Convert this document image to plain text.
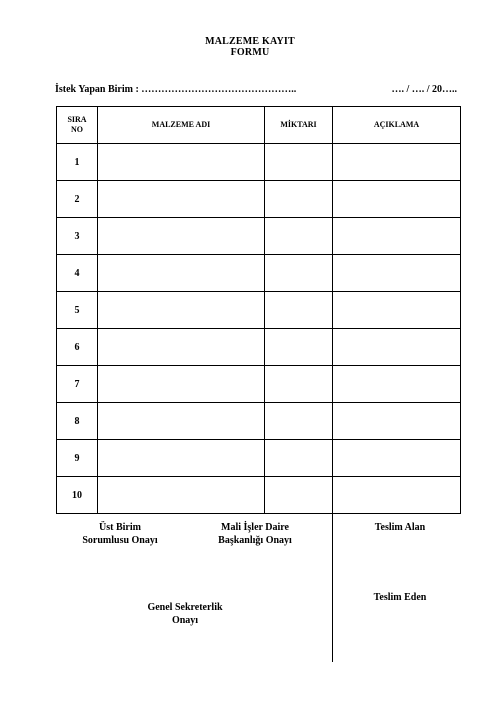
MALZEME KAYIT
FORMU
İstek Yapan Birim : ………………………………………..	…. / …. / 20…..
SIRA
NO	MALZEME ADI	MİKTARI	AÇIKLAMA
1			
2			
3			
4			
5			
6			
7			
8			
9			
10			
Üst Birim
Sorumlusu Onayı
Mali İşler Daire
Başkanlığı Onayı
Teslim Alan
Teslim Eden
Genel Sekreterlik
Onayı
